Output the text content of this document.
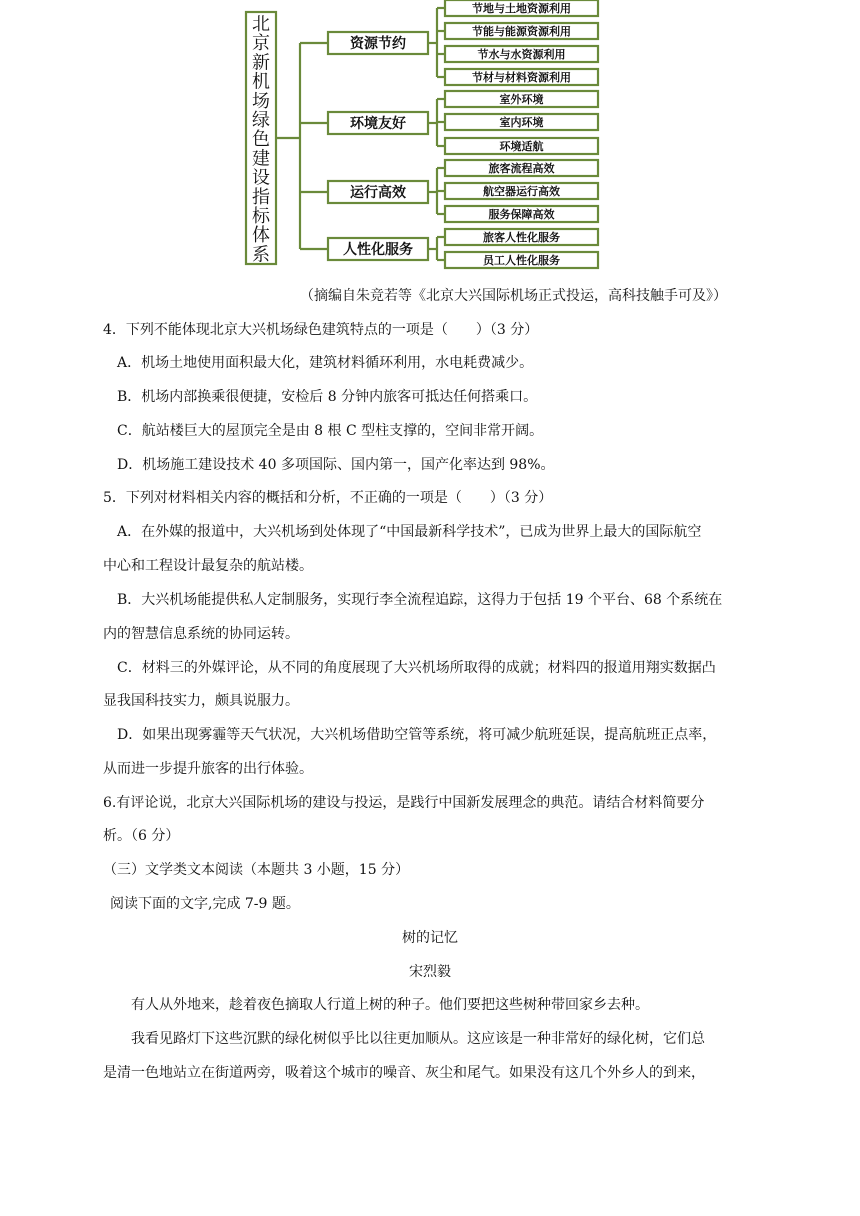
北
京
新
机
场
绿
色
建
设
指
标
体
系
资源节约
环境友好
运行高效
人性化服务
节地与土地资源利用
节能与能源资源利用
节水与水资源利用
节材与材料资源利用
室外环境
室内环境
环境适航
旅客流程高效
航空器运行高效
服务保障高效
旅客人性化服务
员工人性化服务
（摘编自朱竞若等《北京大兴国际机场正式投运，高科技触手可及》）
4．下列不能体现北京大兴机场绿色建筑特点的一项是（　　）（3 分）
A．机场土地使用面积最大化，建筑材料循环利用，水电耗费减少。
B．机场内部换乘很便捷，安检后 8 分钟内旅客可抵达任何搭乘口。
C．航站楼巨大的屋顶完全是由 8 根 C 型柱支撑的，空间非常开阔。
D．机场施工建设技术 40 多项国际、国内第一，国产化率达到 98%。
5．下列对材料相关内容的概括和分析，不正确的一项是（　　）（3 分）
A．在外媒的报道中，大兴机场到处体现了“中国最新科学技术”，已成为世界上最大的国际航空
中心和工程设计最复杂的航站楼。
B．大兴机场能提供私人定制服务，实现行李全流程追踪，这得力于包括 19 个平台、68 个系统在
内的智慧信息系统的协同运转。
C．材料三的外媒评论，从不同的角度展现了大兴机场所取得的成就；材料四的报道用翔实数据凸
显我国科技实力，颇具说服力。
D．如果出现雾霾等天气状况，大兴机场借助空管等系统，将可减少航班延误，提高航班正点率，
从而进一步提升旅客的出行体验。
6.有评论说，北京大兴国际机场的建设与投运，是践行中国新发展理念的典范。请结合材料简要分
析。（6 分）
（三）文学类文本阅读（本题共 3 小题，15 分）
阅读下面的文字,完成 7-9 题。
树的记忆
宋烈毅
有人从外地来，趁着夜色摘取人行道上树的种子。他们要把这些树种带回家乡去种。
我看见路灯下这些沉默的绿化树似乎比以往更加顺从。这应该是一种非常好的绿化树，它们总
是清一色地站立在街道两旁，吸着这个城市的噪音、灰尘和尾气。如果没有这几个外乡人的到来，
